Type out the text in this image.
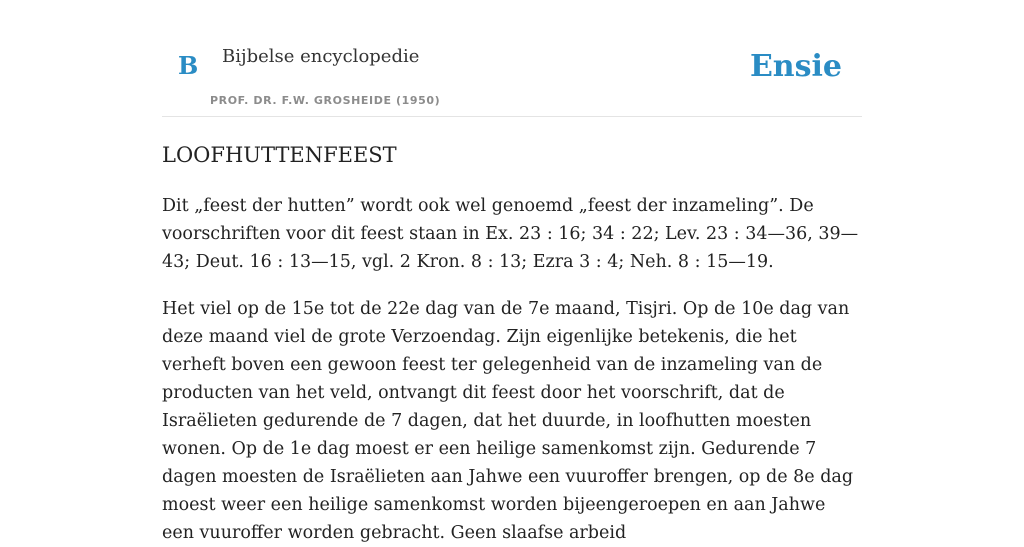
B Bijbelse encyclopedie
PROF. DR. F.W. GROSHEIDE (1950)
Ensie
LOOFHUTTENFEEST

Dit „feest der hutten” wordt ook wel genoemd „feest der inzameling”. De voorschriften voor dit feest staan in Ex. 23 : 16; 34 : 22; Lev. 23 : 34—36, 39—43; Deut. 16 : 13—15, vgl. 2 Kron. 8 : 13; Ezra 3 : 4; Neh. 8 : 15—19.

Het viel op de 15e tot de 22e dag van de 7e maand, Tisjri. Op de 10e dag van deze maand viel de grote Verzoendag. Zijn eigenlijke betekenis, die het verheft boven een gewoon feest ter gelegenheid van de inzameling van de producten van het veld, ontvangt dit feest door het voorschrift, dat de Israëlieten gedurende de 7 dagen, dat het duurde, in loofhutten moesten wonen. Op de 1e dag moest er een heilige samenkomst zijn. Gedurende 7 dagen moesten de Israëlieten aan Jahwe een vuuroffer brengen, op de 8e dag moest weer een heilige samenkomst worden bijeengeroepen en aan Jahwe een vuuroffer worden gebracht. Geen slaafse arbeid
